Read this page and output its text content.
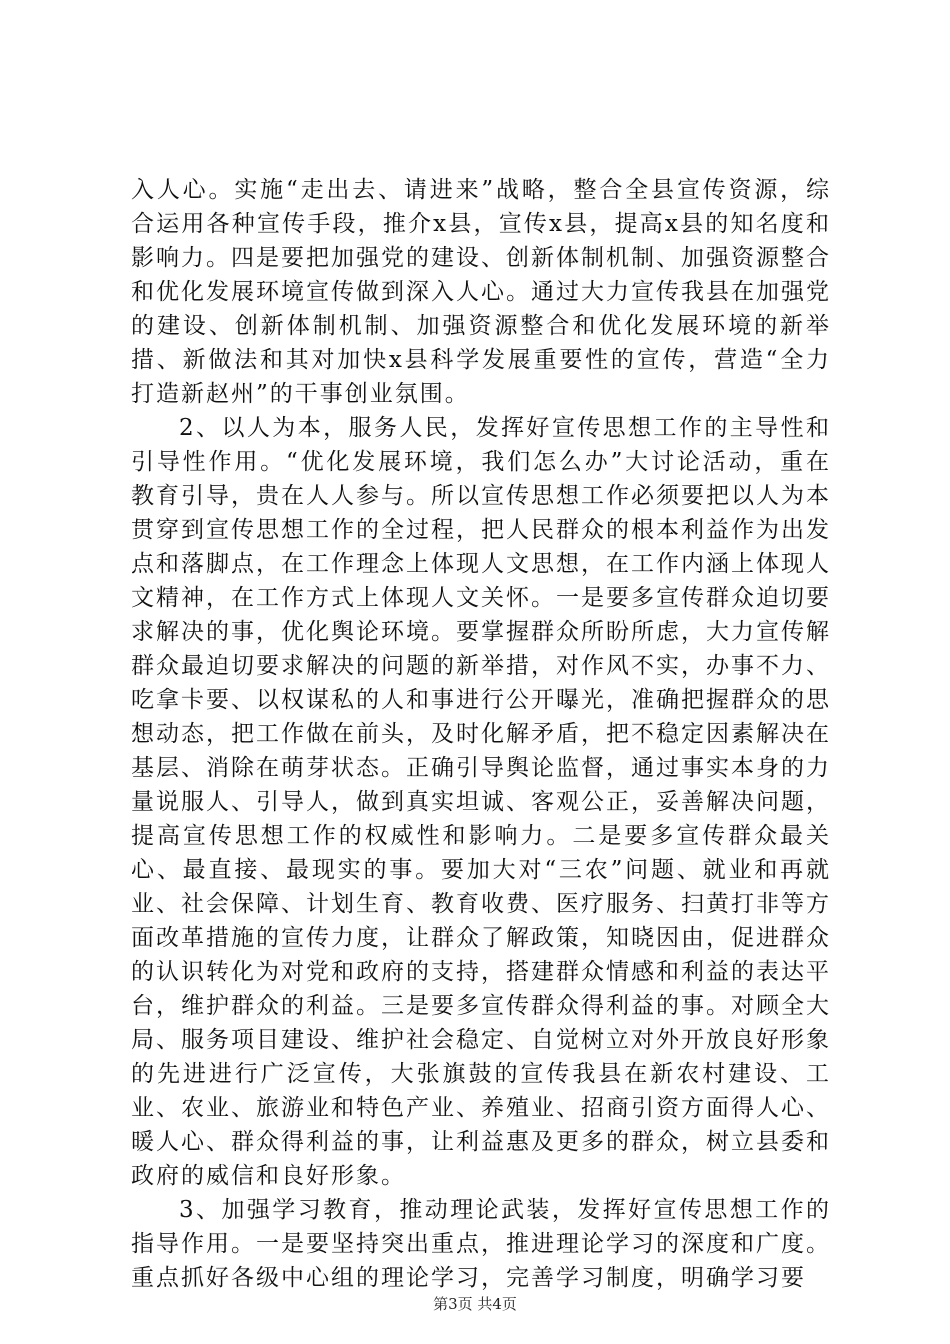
入人心。实施“走出去、请进来”战略，整合全县宣传资源，综合运用各种宣传手段，推介x县，宣传x县，提高x县的知名度和影响力。四是要把加强党的建设、创新体制机制、加强资源整合和优化发展环境宣传做到深入人心。通过大力宣传我县在加强党的建设、创新体制机制、加强资源整合和优化发展环境的新举措、新做法和其对加快x县科学发展重要性的宣传，营造“全力打造新赵州”的干事创业氛围。

2、以人为本，服务人民，发挥好宣传思想工作的主导性和引导性作用。“优化发展环境，我们怎么办”大讨论活动，重在教育引导，贵在人人参与。所以宣传思想工作必须要把以人为本贯穿到宣传思想工作的全过程，把人民群众的根本利益作为出发点和落脚点，在工作理念上体现人文思想，在工作内涵上体现人文精神，在工作方式上体现人文关怀。一是要多宣传群众迫切要求解决的事，优化舆论环境。要掌握群众所盼所虑，大力宣传解群众最迫切要求解决的问题的新举措，对作风不实，办事不力、吃拿卡要、以权谋私的人和事进行公开曝光，准确把握群众的思想动态，把工作做在前头，及时化解矛盾，把不稳定因素解决在基层、消除在萌芽状态。正确引导舆论监督，通过事实本身的力量说服人、引导人，做到真实坦诚、客观公正，妥善解决问题，提高宣传思想工作的权威性和影响力。二是要多宣传群众最关心、最直接、最现实的事。要加大对“三农”问题、就业和再就业、社会保障、计划生育、教育收费、医疗服务、扫黄打非等方面改革措施的宣传力度，让群众了解政策，知晓因由，促进群众的认识转化为对党和政府的支持，搭建群众情感和利益的表达平台，维护群众的利益。三是要多宣传群众得利益的事。对顾全大局、服务项目建设、维护社会稳定、自觉树立对外开放良好形象的先进进行广泛宣传，大张旗鼓的宣传我县在新农村建设、工业、农业、旅游业和特色产业、养殖业、招商引资方面得人心、暖人心、群众得利益的事，让利益惠及更多的群众，树立县委和政府的威信和良好形象。

3、加强学习教育，推动理论武装，发挥好宣传思想工作的指导作用。一是要坚持突出重点，推进理论学习的深度和广度。重点抓好各级中心组的理论学习，完善学习制度，明确学习要

第3页 共4页
